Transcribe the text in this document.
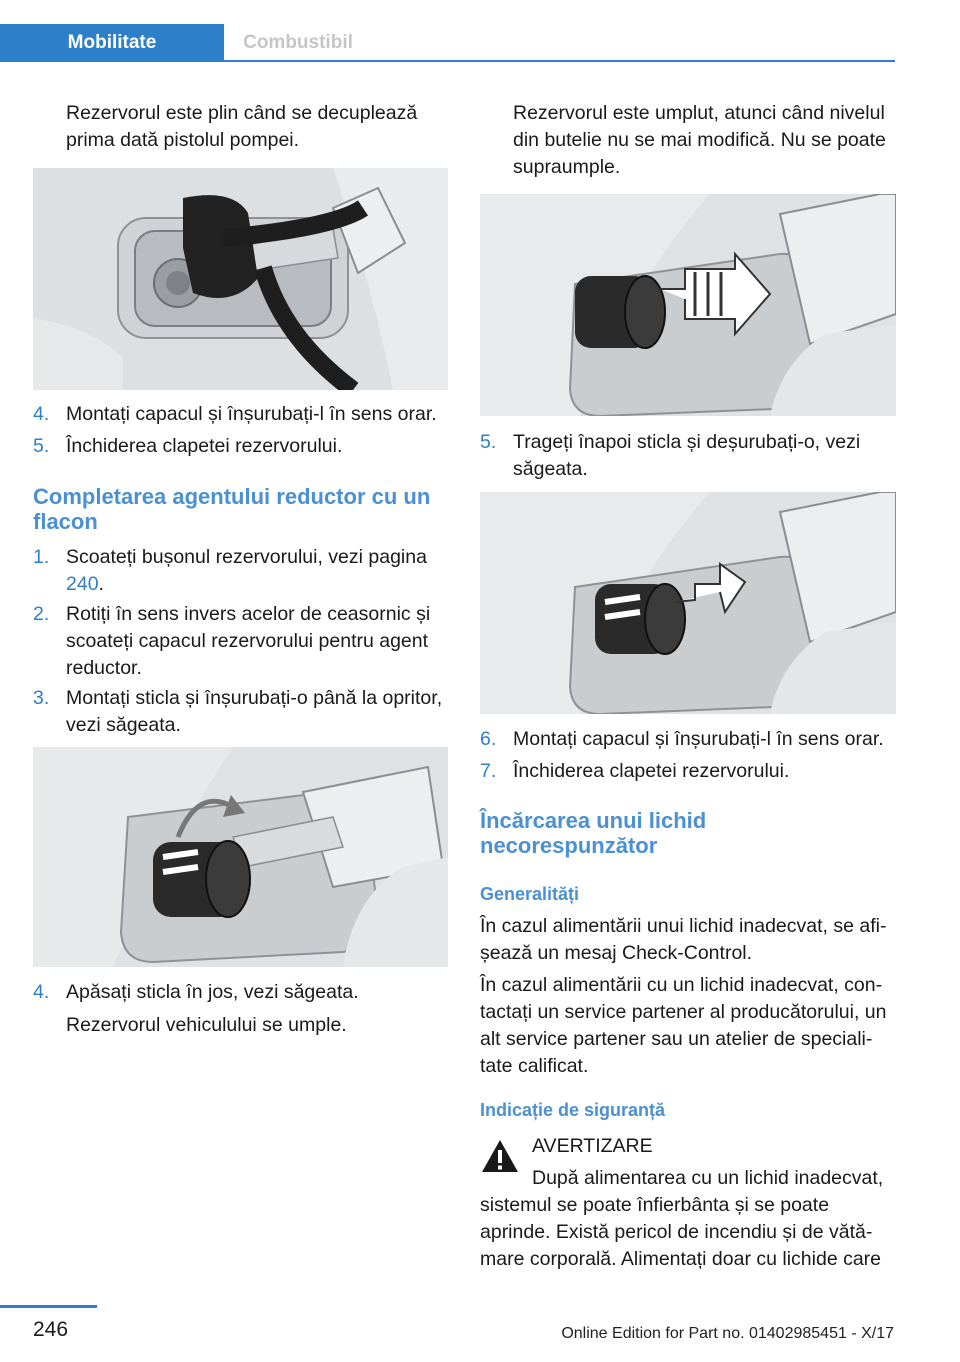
Mobilitate	Combustibil
Rezervorul este plin când se decuplează prima dată pistolul pompei.
4. Montați capacul și înșurubați-l în sens orar.
5. Închiderea clapetei rezervorului.
Completarea agentului reductor cu un flacon
1. Scoateți bușonul rezervorului, vezi pagina 240.
2. Rotiți în sens invers acelor de ceasornic și scoateți capacul rezervorului pentru agent reductor.
3. Montați sticla și înșurubați-o până la opritor, vezi săgeata.
4. Apăsați sticla în jos, vezi săgeata.
Rezervorul vehiculului se umple.
Rezervorul este umplut, atunci când nivelul din butelie nu se mai modifică. Nu se poate supraumple.
5. Trageți înapoi sticla și deșurubați-o, vezi săgeata.
6. Montați capacul și înșurubați-l în sens orar.
7. Închiderea clapetei rezervorului.
Încărcarea unui lichid necorespunzător
Generalități
În cazul alimentării unui lichid inadecvat, se afișează un mesaj Check-Control.
În cazul alimentării cu un lichid inadecvat, contactați un service partener al producătorului, un alt service partener sau un atelier de specialitate calificat.
Indicație de siguranță
AVERTIZARE
După alimentarea cu un lichid inadecvat, sistemul se poate înfierbânta și se poate aprinde. Există pericol de incendiu și de vătămare corporală. Alimentați doar cu lichide care
246	Online Edition for Part no. 01402985451 - X/17
